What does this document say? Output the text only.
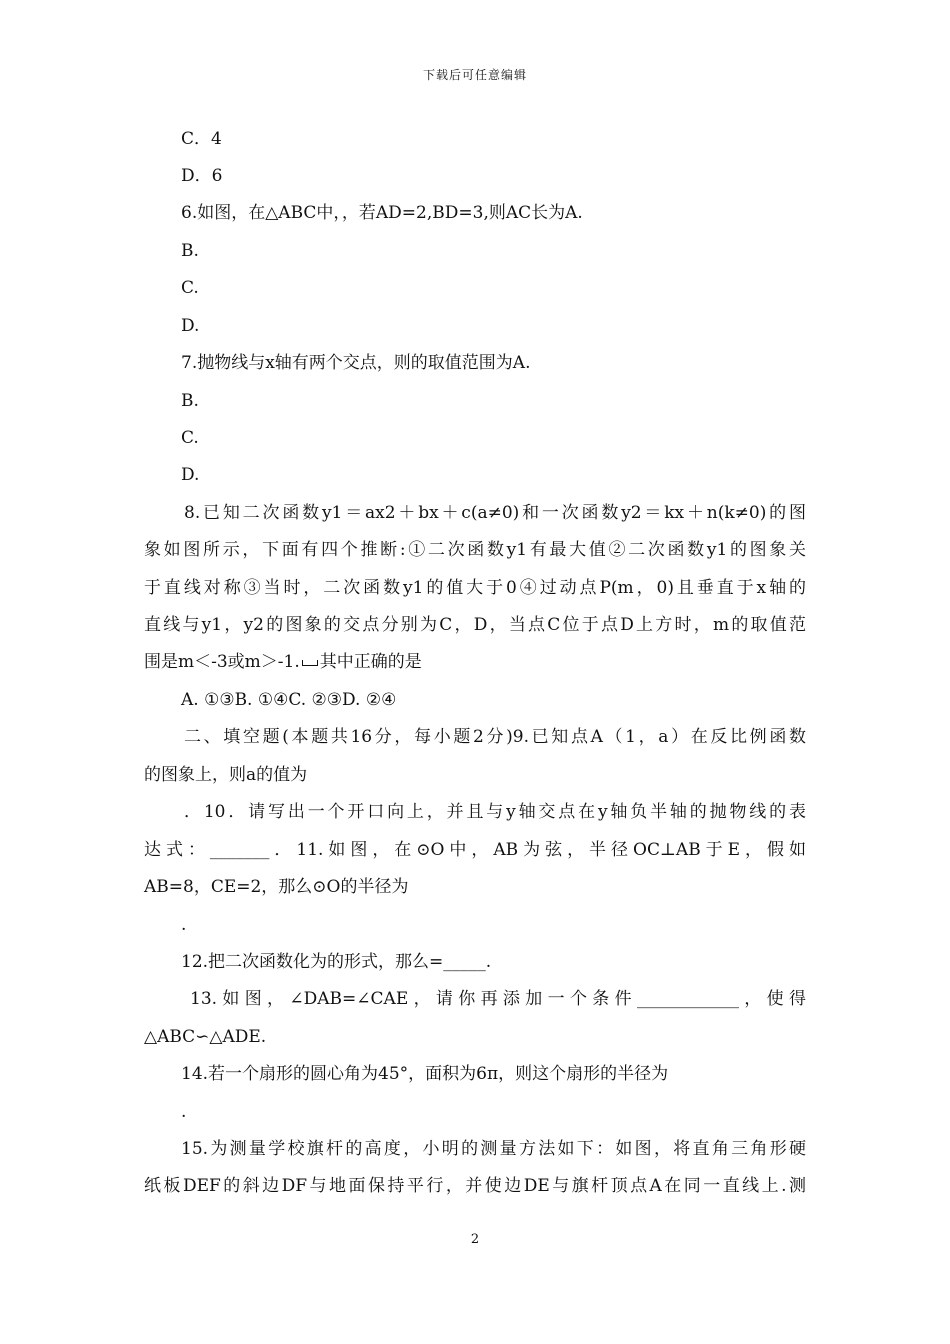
下载后可任意编辑
C．4
D．6
6.如图，在△ABC中，，若AD=2,BD=3,则AC长为A.
B.
C.
D.
7.抛物线与x轴有两个交点，则的取值范围为A.
B.
C.
D.
8.已知二次函数y1＝ax2＋bx＋c(a≠0)和一次函数y2＝kx＋n(k≠0)的图
象如图所示，下面有四个推断:①二次函数y1有最大值②二次函数y1的图象关
于直线对称③当时，二次函数y1的值大于0④过动点P(m，0)且垂直于x轴的
直线与y1，y2的图象的交点分别为C，D，当点C位于点D上方时，m的取值范
围是m＜-3或m＞-1. 其中正确的是
A. ①③B. ①④C. ②③D. ②④
二、填空题(本题共16分，每小题2分)9.已知点A（1，a）在反比例函数
的图象上，则a的值为
．10．请写出一个开口向上，并且与y轴交点在y轴负半轴的抛物线的表
达式：_______．11.如图，在⊙O中，AB为弦，半径OC⊥AB于E，假如
AB=8，CE=2，那么⊙O的半径为
.
12.把二次函数化为的形式，那么=_____.
13.如图，∠DAB=∠CAE，请你再添加一个条件____________，使得
△ABC∽△ADE.
14.若一个扇形的圆心角为45°，面积为6π，则这个扇形的半径为
.
15.为测量学校旗杆的高度，小明的测量方法如下：如图，将直角三角形硬
纸板DEF的斜边DF与地面保持平行，并使边DE与旗杆顶点A在同一直线上.测
2
